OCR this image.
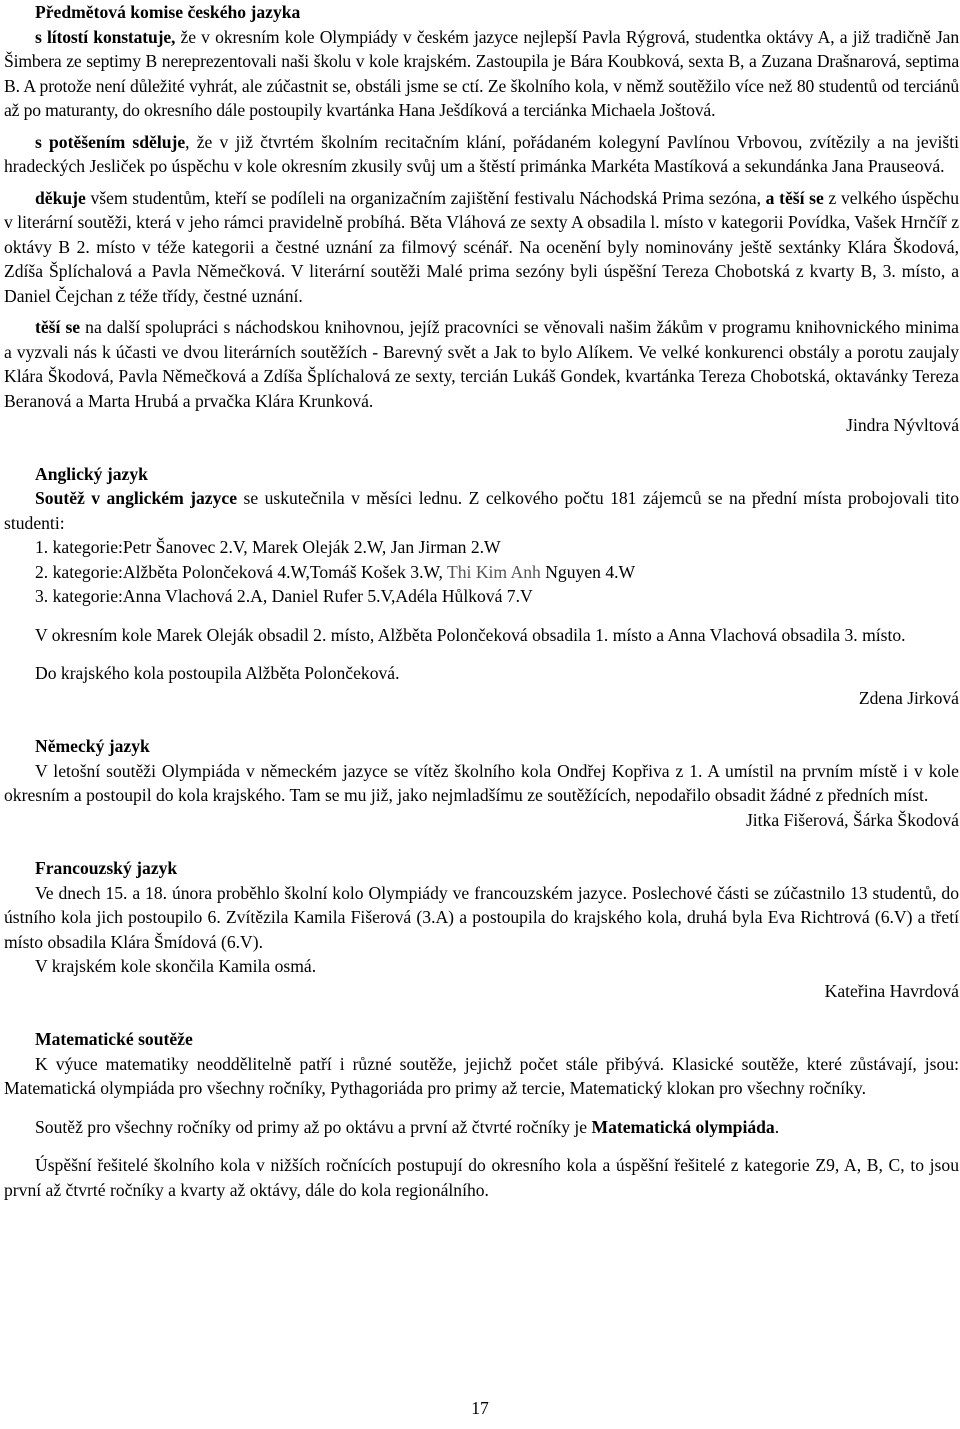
Předmětová komise českého jazyka

s lítostí konstatuje, že v okresním kole Olympiády v českém jazyce nejlepší Pavla Rýgrová, studentka oktávy A, a již tradičně Jan Šimbera ze septimy B nereprezentovali naši školu v kole krajském. Zastoupila je Bára Koubková, sexta B, a Zuzana Drašnarová, septima B. A protože není důležité vyhrát, ale zúčastnit se, obstáli jsme se ctí. Ze školního kola, v němž soutěžilo více než 80 studentů od terciánů až po maturanty, do okresního dále postoupily kvartánka Hana Ješdíková a terciánka Michaela Joštová.

s potěšením sděluje, že v již čtvrtém školním recitačním klání, pořádaném kolegyní Pavlínou Vrbovou, zvítězily a na jevišti hradeckých Jesliček po úspěchu v kole okresním zkusily svůj um a štěstí primánka Markéta Mastíková a sekundánka Jana Prauseová.

děkuje všem studentům, kteří se podíleli na organizačním zajištění festivalu Náchodská Prima sezóna, a těší se z velkého úspěchu v literární soutěži, která v jeho rámci pravidelně probíhá. Běta Vláhová ze sexty A obsadila l. místo v kategorii Povídka, Vašek Hrnčíř z oktávy B 2. místo v téže kategorii a čestné uznání za filmový scénář. Na ocenění byly nominovány ještě sextánky Klára Škodová, Zdíša Šplíchalová a Pavla Němečková. V literární soutěži Malé prima sezóny byli úspěšní Tereza Chobotská z kvarty B, 3. místo, a Daniel Čejchan z téže třídy, čestné uznání.

těší se na další spolupráci s náchodskou knihovnou, jejíž pracovníci se věnovali našim žákům v programu knihovnického minima a vyzvali nás k účasti ve dvou literárních soutěžích - Barevný svět a Jak to bylo Alíkem. Ve velké konkurenci obstály a porotu zaujaly Klára Škodová, Pavla Němečková a Zdíša Šplíchalová ze sexty, tercián Lukáš Gondek, kvartánka Tereza Chobotská, oktavánky Tereza Beranová a Marta Hrubá a prvačka Klára Krunková.

Jindra Nývltová

Anglický jazyk

Soutěž v anglickém jazyce se uskutečnila v měsíci lednu. Z celkového počtu 181 zájemců se na přední místa probojovali tito studenti:

1. kategorie:Petr Šanovec 2.V, Marek Oleják 2.W, Jan Jirman 2.W

2. kategorie:Alžběta Polončeková 4.W,Tomáš Košek 3.W, Thi Kim Anh Nguyen 4.W

3. kategorie:Anna Vlachová 2.A, Daniel Rufer 5.V,Adéla Hůlková 7.V

V okresním kole Marek Oleják obsadil 2. místo, Alžběta Polončeková obsadila 1. místo a Anna Vlachová obsadila 3. místo.

Do krajského kola postoupila Alžběta Polončeková.

Zdena Jirková

Německý jazyk

V letošní soutěži Olympiáda v německém jazyce se vítěz školního kola Ondřej Kopřiva z 1. A umístil na prvním místě i v kole okresním a postoupil do kola krajského. Tam se mu již, jako nejmladšímu ze soutěžících, nepodařilo obsadit žádné z předních míst.

Jitka Fišerová, Šárka Škodová

Francouzský jazyk

Ve dnech 15. a 18. února proběhlo školní kolo Olympiády ve francouzském jazyce. Poslechové části se zúčastnilo 13 studentů, do ústního kola jich postoupilo 6. Zvítězila Kamila Fišerová (3.A) a postoupila do krajského kola, druhá byla Eva Richtrová (6.V) a třetí místo obsadila Klára Šmídová (6.V).

V krajském kole skončila Kamila osmá.

Kateřina Havrdová

Matematické soutěže

K výuce matematiky neoddělitelně patří i různé soutěže, jejichž počet stále přibývá. Klasické soutěže, které zůstávají, jsou: Matematická olympiáda pro všechny ročníky, Pythagoriáda pro primy až tercie, Matematický klokan pro všechny ročníky.

Soutěž pro všechny ročníky od primy až po oktávu a první až čtvrté ročníky je Matematická olympiáda.

Úspěšní řešitelé školního kola v nižších ročnících postupují do okresního kola a úspěšní řešitelé z kategorie Z9, A, B, C, to jsou první až čtvrté ročníky a kvarty až oktávy, dále do kola regionálního.

17
